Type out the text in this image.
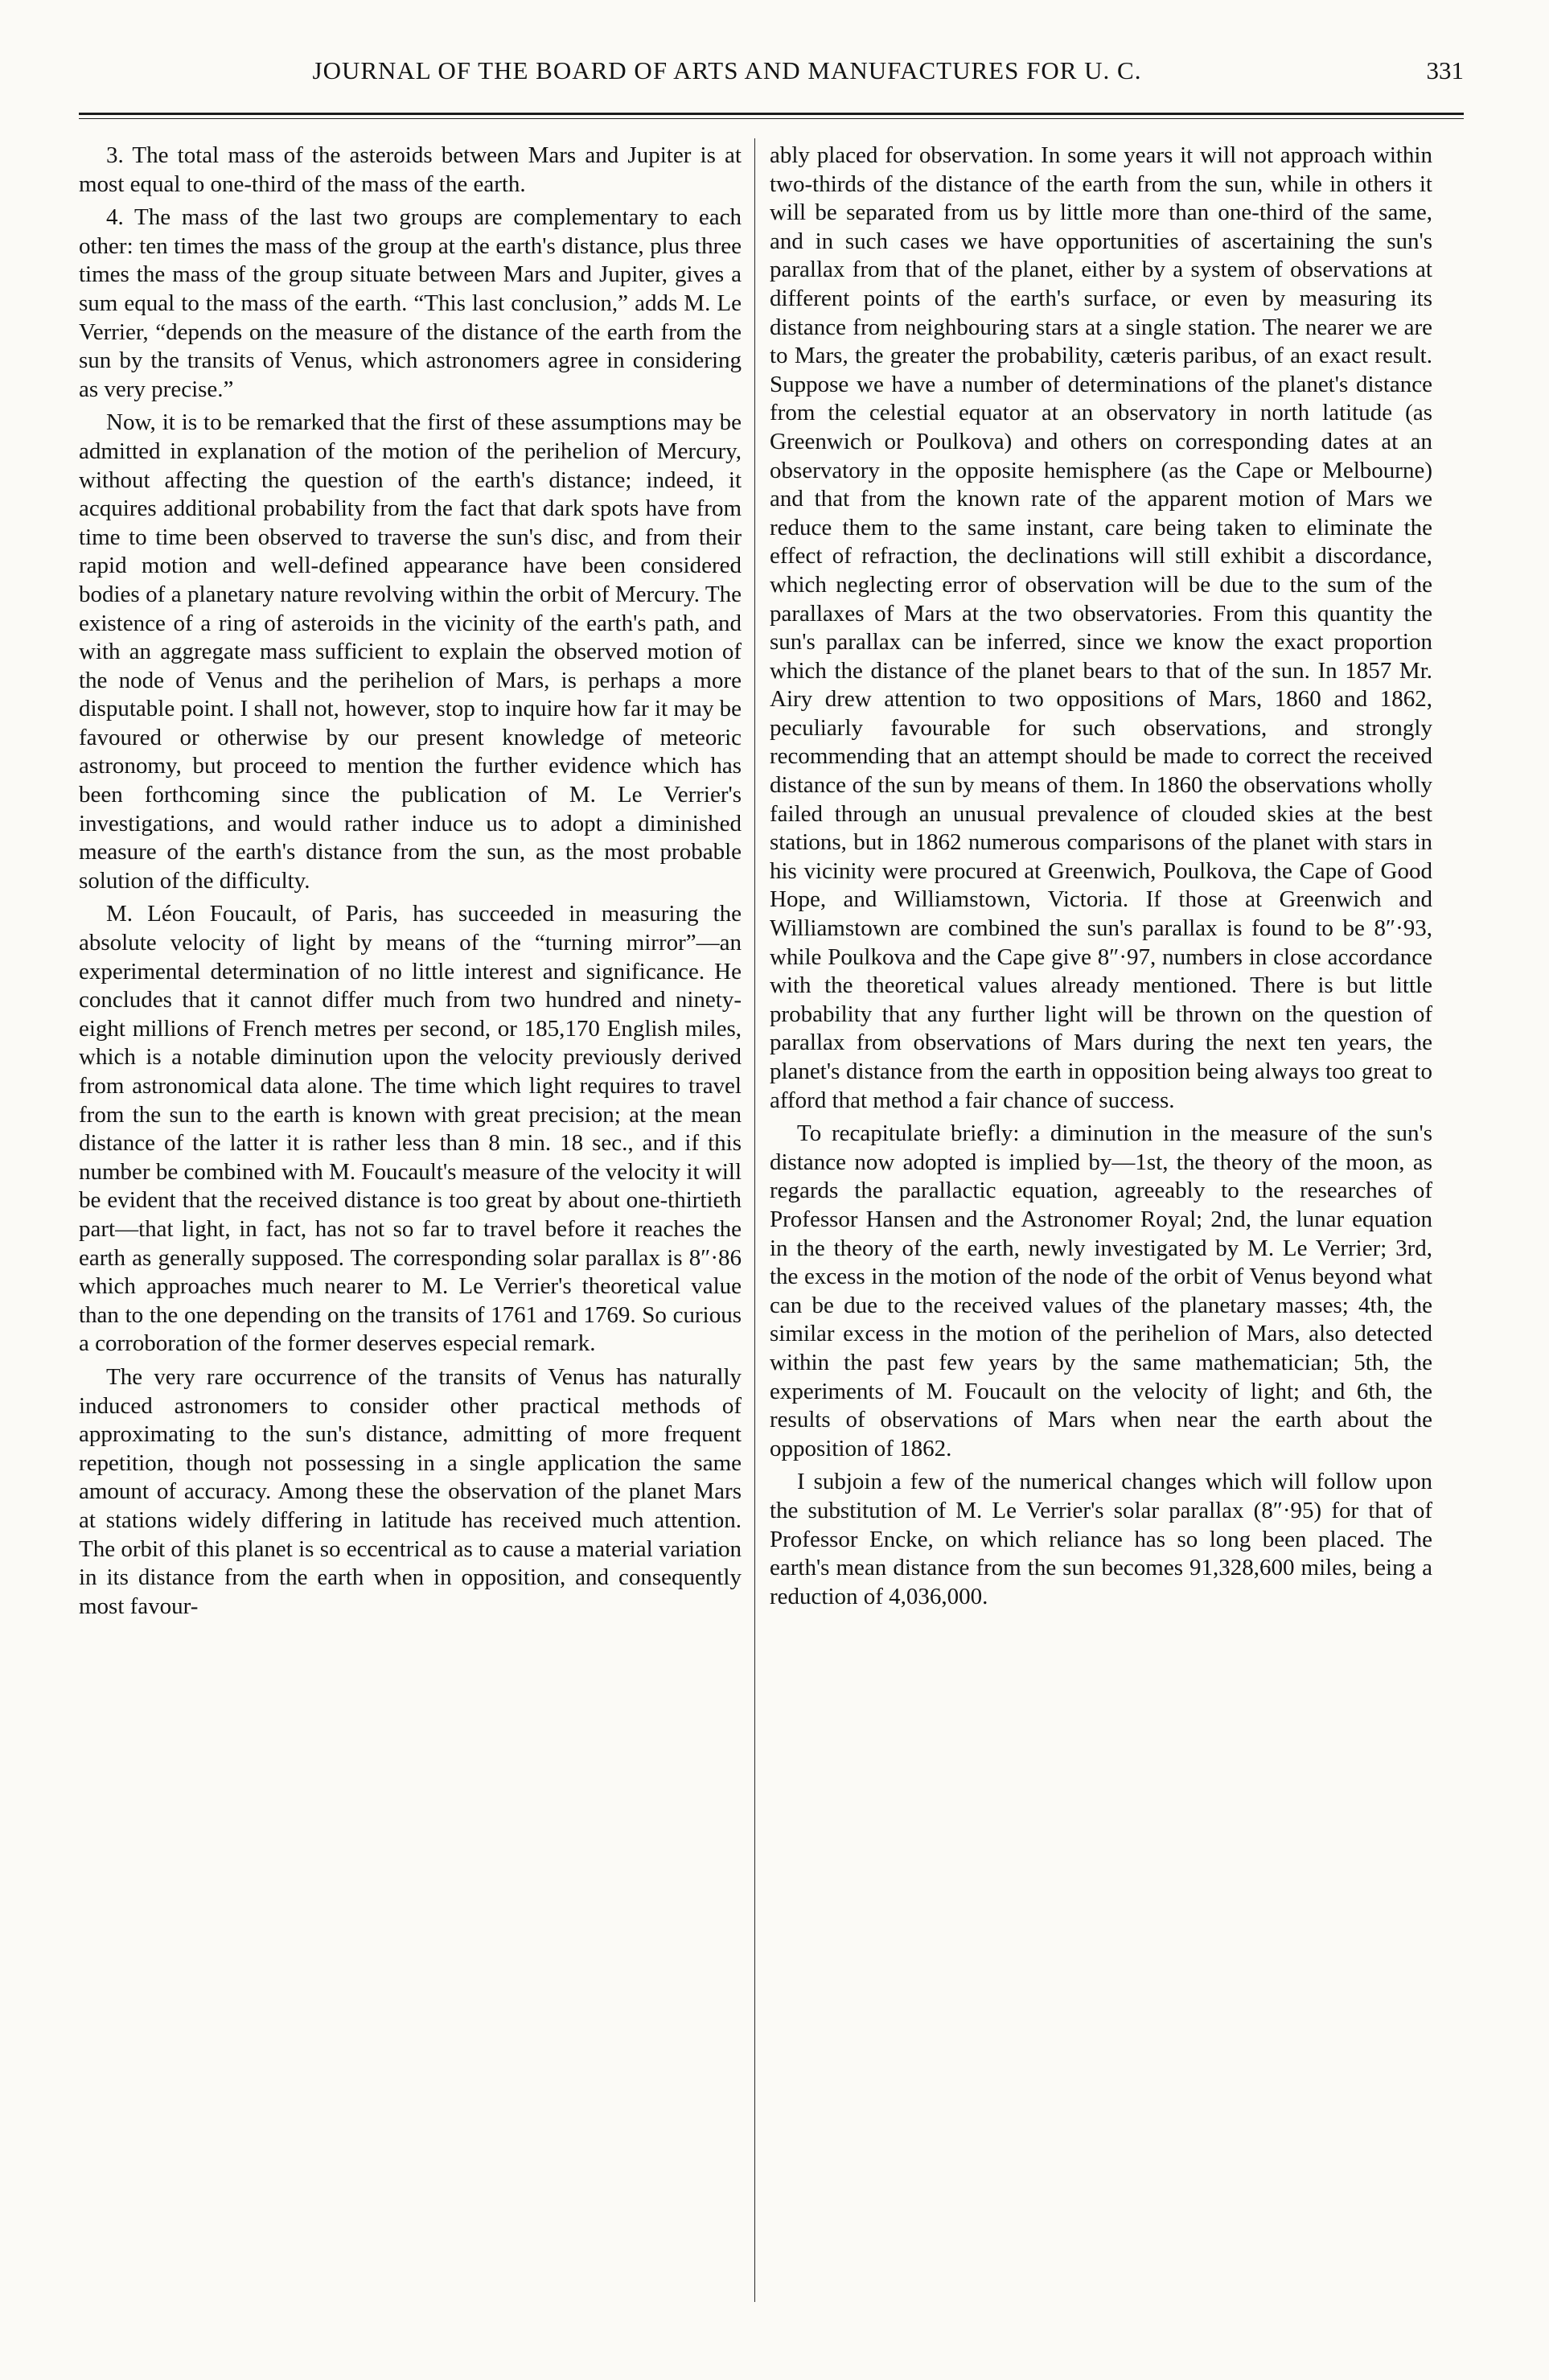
JOURNAL OF THE BOARD OF ARTS AND MANUFACTURES FOR U. C.	331

3. The total mass of the asteroids between Mars and Jupiter is at most equal to one-third of the mass of the earth.

4. The mass of the last two groups are complementary to each other: ten times the mass of the group at the earth's distance, plus three times the mass of the group situate between Mars and Jupiter, gives a sum equal to the mass of the earth. “This last conclusion,” adds M. Le Verrier, “depends on the measure of the distance of the earth from the sun by the transits of Venus, which astronomers agree in considering as very precise.”

Now, it is to be remarked that the first of these assumptions may be admitted in explanation of the motion of the perihelion of Mercury, without affecting the question of the earth's distance; indeed, it acquires additional probability from the fact that dark spots have from time to time been observed to traverse the sun's disc, and from their rapid motion and well-defined appearance have been considered bodies of a planetary nature revolving within the orbit of Mercury. The existence of a ring of asteroids in the vicinity of the earth's path, and with an aggregate mass sufficient to explain the observed motion of the node of Venus and the perihelion of Mars, is perhaps a more disputable point. I shall not, however, stop to inquire how far it may be favoured or otherwise by our present knowledge of meteoric astronomy, but proceed to mention the further evidence which has been forthcoming since the publication of M. Le Verrier's investigations, and would rather induce us to adopt a diminished measure of the earth's distance from the sun, as the most probable solution of the difficulty.

M. Léon Foucault, of Paris, has succeeded in measuring the absolute velocity of light by means of the “turning mirror”—an experimental determination of no little interest and significance. He concludes that it cannot differ much from two hundred and ninety-eight millions of French metres per second, or 185,170 English miles, which is a notable diminution upon the velocity previously derived from astronomical data alone. The time which light requires to travel from the sun to the earth is known with great precision; at the mean distance of the latter it is rather less than 8 min. 18 sec., and if this number be combined with M. Foucault's measure of the velocity it will be evident that the received distance is too great by about one-thirtieth part—that light, in fact, has not so far to travel before it reaches the earth as generally supposed. The corresponding solar parallax is 8″·86 which approaches much nearer to M. Le Verrier's theoretical value than to the one depending on the transits of 1761 and 1769. So curious a corroboration of the former deserves especial remark.

The very rare occurrence of the transits of Venus has naturally induced astronomers to consider other practical methods of approximating to the sun's distance, admitting of more frequent repetition, though not possessing in a single application the same amount of accuracy. Among these the observation of the planet Mars at stations widely differing in latitude has received much attention. The orbit of this planet is so eccentrical as to cause a material variation in its distance from the earth when in opposition, and consequently most favour-

ably placed for observation. In some years it will not approach within two-thirds of the distance of the earth from the sun, while in others it will be separated from us by little more than one-third of the same, and in such cases we have opportunities of ascertaining the sun's parallax from that of the planet, either by a system of observations at different points of the earth's surface, or even by measuring its distance from neighbouring stars at a single station. The nearer we are to Mars, the greater the probability, cæteris paribus, of an exact result. Suppose we have a number of determinations of the planet's distance from the celestial equator at an observatory in north latitude (as Greenwich or Poulkova) and others on corresponding dates at an observatory in the opposite hemisphere (as the Cape or Melbourne) and that from the known rate of the apparent motion of Mars we reduce them to the same instant, care being taken to eliminate the effect of refraction, the declinations will still exhibit a discordance, which neglecting error of observation will be due to the sum of the parallaxes of Mars at the two observatories. From this quantity the sun's parallax can be inferred, since we know the exact proportion which the distance of the planet bears to that of the sun. In 1857 Mr. Airy drew attention to two oppositions of Mars, 1860 and 1862, peculiarly favourable for such observations, and strongly recommending that an attempt should be made to correct the received distance of the sun by means of them. In 1860 the observations wholly failed through an unusual prevalence of clouded skies at the best stations, but in 1862 numerous comparisons of the planet with stars in his vicinity were procured at Greenwich, Poulkova, the Cape of Good Hope, and Williamstown, Victoria. If those at Greenwich and Williamstown are combined the sun's parallax is found to be 8″·93, while Poulkova and the Cape give 8″·97, numbers in close accordance with the theoretical values already mentioned. There is but little probability that any further light will be thrown on the question of parallax from observations of Mars during the next ten years, the planet's distance from the earth in opposition being always too great to afford that method a fair chance of success.

To recapitulate briefly: a diminution in the measure of the sun's distance now adopted is implied by—1st, the theory of the moon, as regards the parallactic equation, agreeably to the researches of Professor Hansen and the Astronomer Royal; 2nd, the lunar equation in the theory of the earth, newly investigated by M. Le Verrier; 3rd, the excess in the motion of the node of the orbit of Venus beyond what can be due to the received values of the planetary masses; 4th, the similar excess in the motion of the perihelion of Mars, also detected within the past few years by the same mathematician; 5th, the experiments of M. Foucault on the velocity of light; and 6th, the results of observations of Mars when near the earth about the opposition of 1862.

I subjoin a few of the numerical changes which will follow upon the substitution of M. Le Verrier's solar parallax (8″·95) for that of Professor Encke, on which reliance has so long been placed. The earth's mean distance from the sun becomes 91,328,600 miles, being a reduction of 4,036,000.
